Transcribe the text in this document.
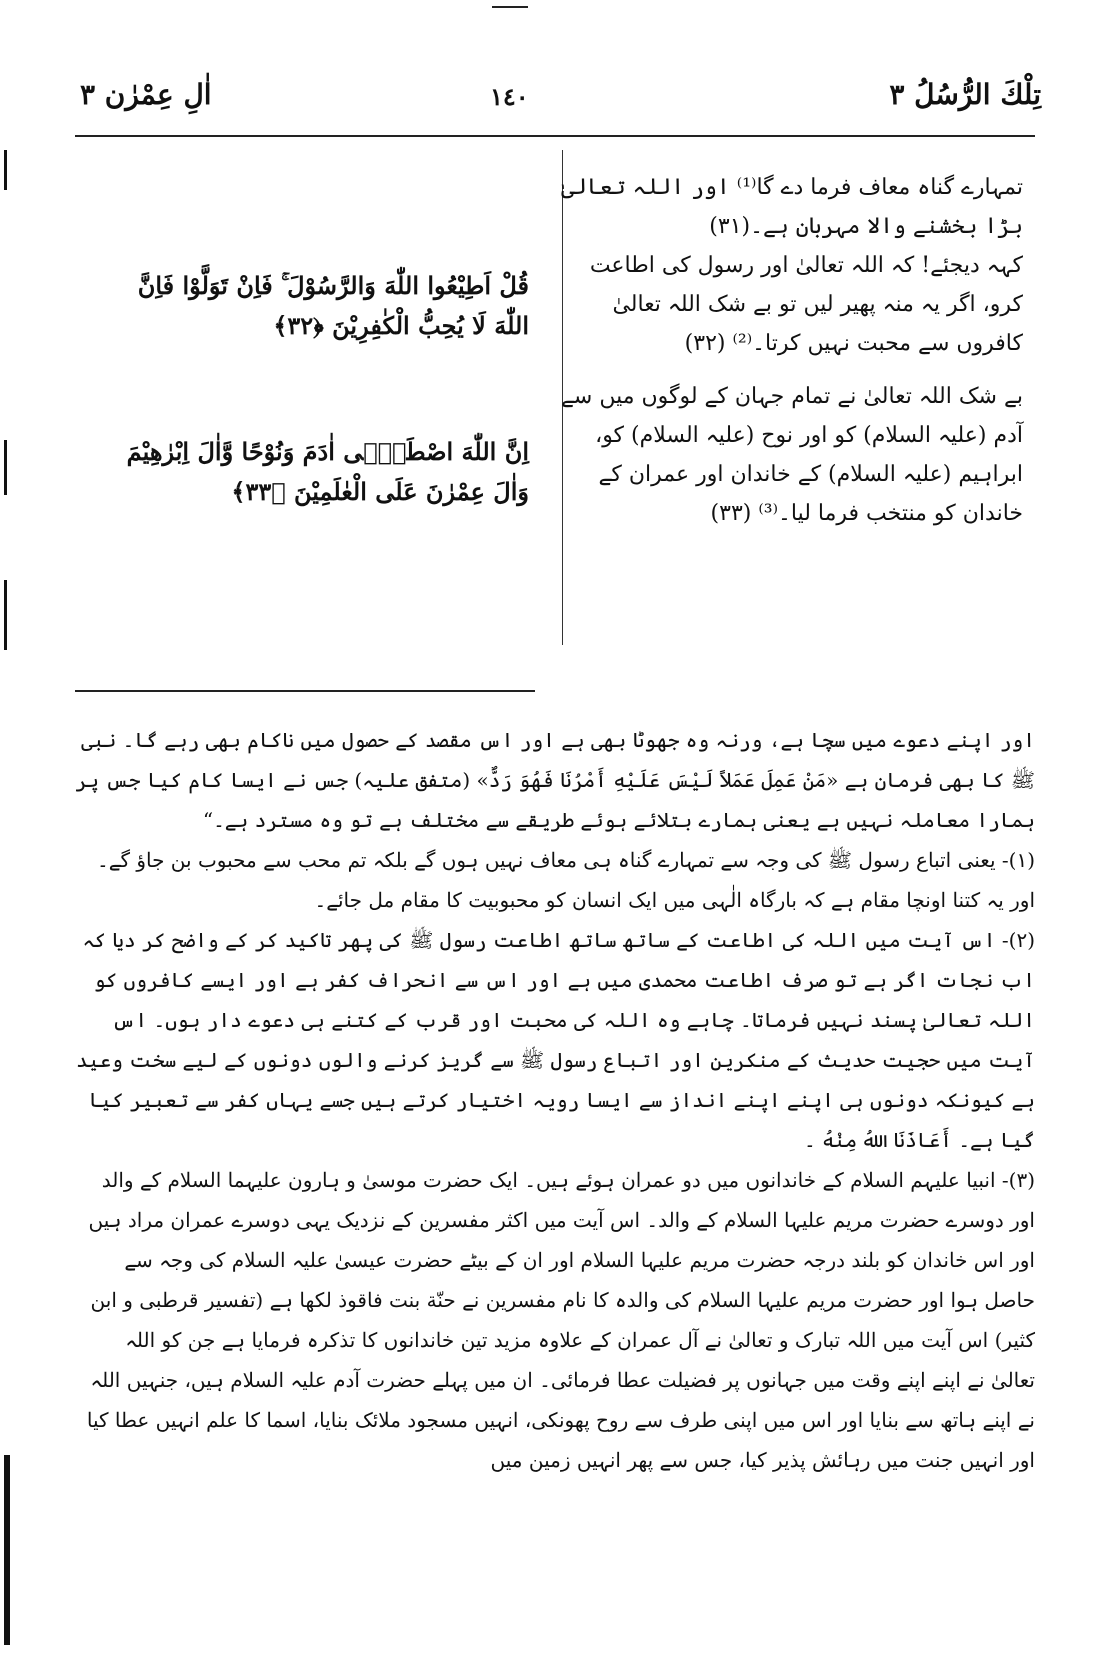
تِلْكَ الرُّسُلُ ٣
١٤٠
اٰلِ عِمْرٰن ٣

تمہارے گناہ معاف فرما دے گا⁽¹⁾ اور اللہ تعالیٰ بڑا بخشنے والا مہربان ہے۔(۳۱)

کہہ دیجئے! کہ اللہ تعالیٰ اور رسول کی اطاعت کرو، اگر یہ منہ پھیر لیں تو بے شک اللہ تعالیٰ کافروں سے محبت نہیں کرتا۔⁽²⁾ (۳۲)

بے شک اللہ تعالیٰ نے تمام جہان کے لوگوں میں سے آدم (علیہ السلام) کو اور نوح (علیہ السلام) کو، ابراہیم (علیہ السلام) کے خاندان اور عمران کے خاندان کو منتخب فرما لیا۔⁽³⁾ (۳۳)

قُلْ اَطِيْعُوا اللّٰهَ وَالرَّسُوْلَ ۚ فَاِنْ تَوَلَّوْا فَاِنَّ اللّٰهَ لَا يُحِبُّ الْكٰفِرِيْنَ ﴿۳۲﴾
اِنَّ اللّٰهَ اصْطَفٰۤى اٰدَمَ وَنُوْحًا وَّاٰلَ اِبْرٰهِيْمَ وَاٰلَ عِمْرٰنَ عَلَى الْعٰلَمِيْنَ ﴿۳۳﴾

اور اپنے دعوے میں سچا ہے، ورنہ وہ جھوٹا بھی ہے اور اس مقصد کے حصول میں ناکام بھی رہے گا۔ نبی ﷺ کا بھی فرمان ہے «مَنْ عَمِلَ عَمَلاً لَيْسَ عَلَيْهِ أَمْرُنَا فَهُوَ رَدٌّ» (متفق علیہ) جس نے ایسا کام کیا جس پر ہمارا معاملہ نہیں ہے یعنی ہمارے بتلائے ہوئے طریقے سے مختلف ہے تو وہ مسترد ہے۔“

(۱)- یعنی اتباع رسول ﷺ کی وجہ سے تمہارے گناہ ہی معاف نہیں ہوں گے بلکہ تم محب سے محبوب بن جاؤ گے۔ اور یہ کتنا اونچا مقام ہے کہ بارگاہ الٰہی میں ایک انسان کو محبوبیت کا مقام مل جائے۔

(۲)- اس آیت میں اللہ کی اطاعت کے ساتھ ساتھ اطاعت رسول ﷺ کی پھر تاکید کر کے واضح کر دیا کہ اب نجات اگر ہے تو صرف اطاعت محمدی میں ہے اور اس سے انحراف کفر ہے اور ایسے کافروں کو اللہ تعالیٰ پسند نہیں فرماتا۔ چاہے وہ اللہ کی محبت اور قرب کے کتنے ہی دعوے دار ہوں۔ اس آیت میں حجیت حدیث کے منکرین اور اتباع رسول ﷺ سے گریز کرنے والوں دونوں کے لیے سخت وعید ہے کیونکہ دونوں ہی اپنے اپنے انداز سے ایسا رویہ اختیار کرتے ہیں جسے یہاں کفر سے تعبیر کیا گیا ہے۔ أَعَاذَنَا اللهُ مِنْهُ ۔

(۳)- انبیا علیہم السلام کے خاندانوں میں دو عمران ہوئے ہیں۔ ایک حضرت موسیٰ و ہارون علیہما السلام کے والد اور دوسرے حضرت مریم علیہا السلام کے والد۔ اس آیت میں اکثر مفسرین کے نزدیک یہی دوسرے عمران مراد ہیں اور اس خاندان کو بلند درجہ حضرت مریم علیہا السلام اور ان کے بیٹے حضرت عیسیٰ علیہ السلام کی وجہ سے حاصل ہوا اور حضرت مریم علیہا السلام کی والدہ کا نام مفسرین نے حنّة بنت فاقوذ لکھا ہے (تفسیر قرطبی و ابن کثیر) اس آیت میں اللہ تبارک و تعالیٰ نے آل عمران کے علاوہ مزید تین خاندانوں کا تذکرہ فرمایا ہے جن کو اللہ تعالیٰ نے اپنے اپنے وقت میں جہانوں پر فضیلت عطا فرمائی۔ ان میں پہلے حضرت آدم علیہ السلام ہیں، جنہیں اللہ نے اپنے ہاتھ سے بنایا اور اس میں اپنی طرف سے روح پھونکی، انہیں مسجود ملائک بنایا، اسما کا علم انہیں عطا کیا اور انہیں جنت میں رہائش پذیر کیا، جس سے پھر انہیں زمین میں
